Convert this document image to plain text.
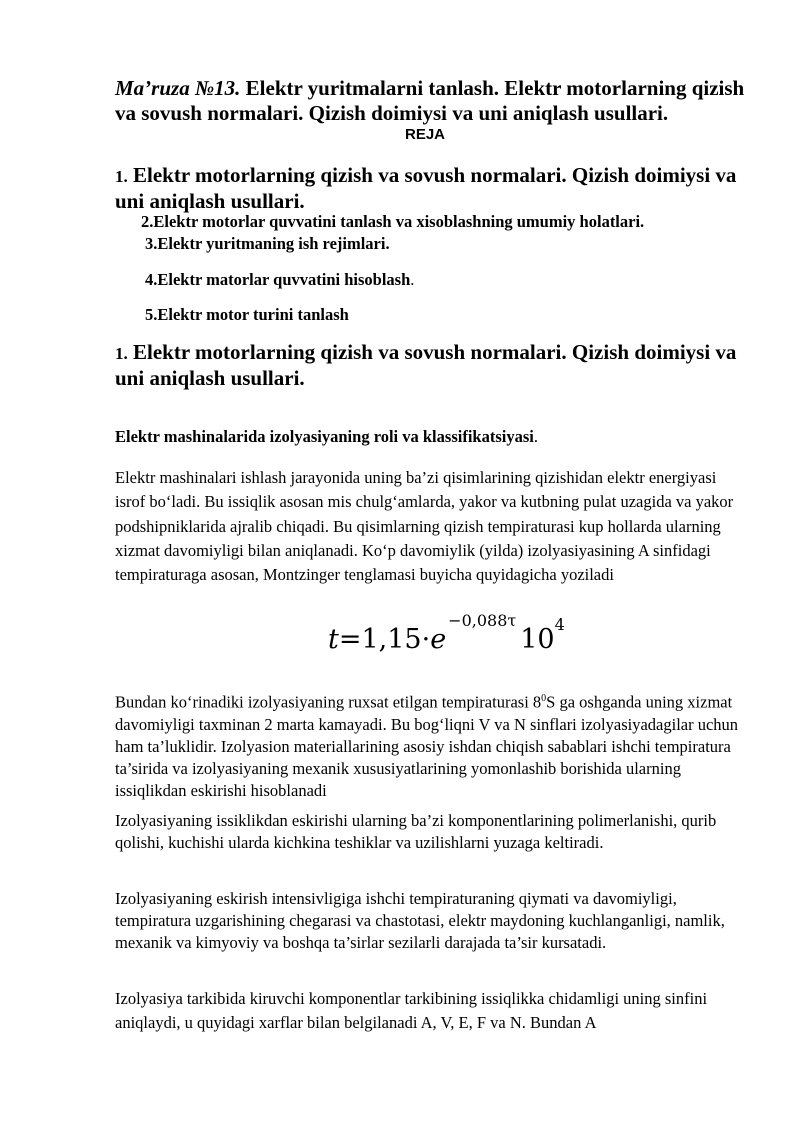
Ma’ruza №13. Elektr yuritmalarni tanlash. Elektr motorlarning qizish va sovush normalari. Qizish doimiysi va uni aniqlash usullari.
REJA
1. Elektr motorlarning qizish va sovush normalari. Qizish doimiysi va uni aniqlash usullari.
2.Elektr motorlar quvvatini tanlash va xisoblashning umumiy holatlari.
3.Elektr yuritmaning ish rejimlari.
4.Elektr matorlar quvvatini hisoblash.
5.Elektr motor turini tanlash
1. Elektr motorlarning qizish va sovush normalari. Qizish doimiysi va uni aniqlash usullari.
Elektr mashinalarida izolyasiyaning roli va klassifikatsiyasi.
Elektr mashinalari ishlash jarayonida uning ba’zi qisimlarining qizishidan elektr energiyasi isrof bo‘ladi. Bu issiqlik asosan mis chulg‘amlarda, yakor va kutbning pulat uzagida va yakor podshipniklarida ajralib chiqadi. Bu qisimlarning qizish tempiraturasi kup hollarda ularning xizmat davomiyligi bilan aniqlanadi. Ko‘p davomiylik (yilda) izolyasiyasining A sinfidagi tempiraturaga asosan, Montzinger tenglamasi buyicha quyidagicha yoziladi
$t=1,15\cdot e^{-0,088\tau}10^4$
Bundan ko‘rinadiki izolyasiyaning ruxsat etilgan tempiraturasi $8^0S$ ga oshganda uning xizmat davomiyligi taxminan 2 marta kamayadi. Bu bog‘liqni V va N sinflari izolyasiyadagilar uchun ham ta’luklidir. Izolyasion materiallarining asosiy ishdan chiqish sabablari ishchi tempiratura ta’sirida va izolyasiyaning mexanik xususiyatlarining yomonlashib borishida ularning issiqlikdan eskirishi hisoblanadi
Izolyasiyaning issiklikdan eskirishi ularning ba’zi komponentlarining polimerlanishi, qurib qolishi, kuchishi ularda kichkina teshiklar va uzilishlarni yuzaga keltiradi.
Izolyasiyaning eskirish intensivligiga ishchi tempiraturaning qiymati va davomiyligi, tempiratura uzgarishining chegarasi va chastotasi, elektr maydoning kuchlanganligi, namlik, mexanik va kimyoviy va boshqa ta’sirlar sezilarli darajada ta’sir kursatadi.
Izolyasiya tarkibida kiruvchi komponentlar tarkibining issiqlikka chidamligi uning sinfini aniqlaydi, u quyidagi xarflar bilan belgilanadi A, V, E, F va N. Bundan A
